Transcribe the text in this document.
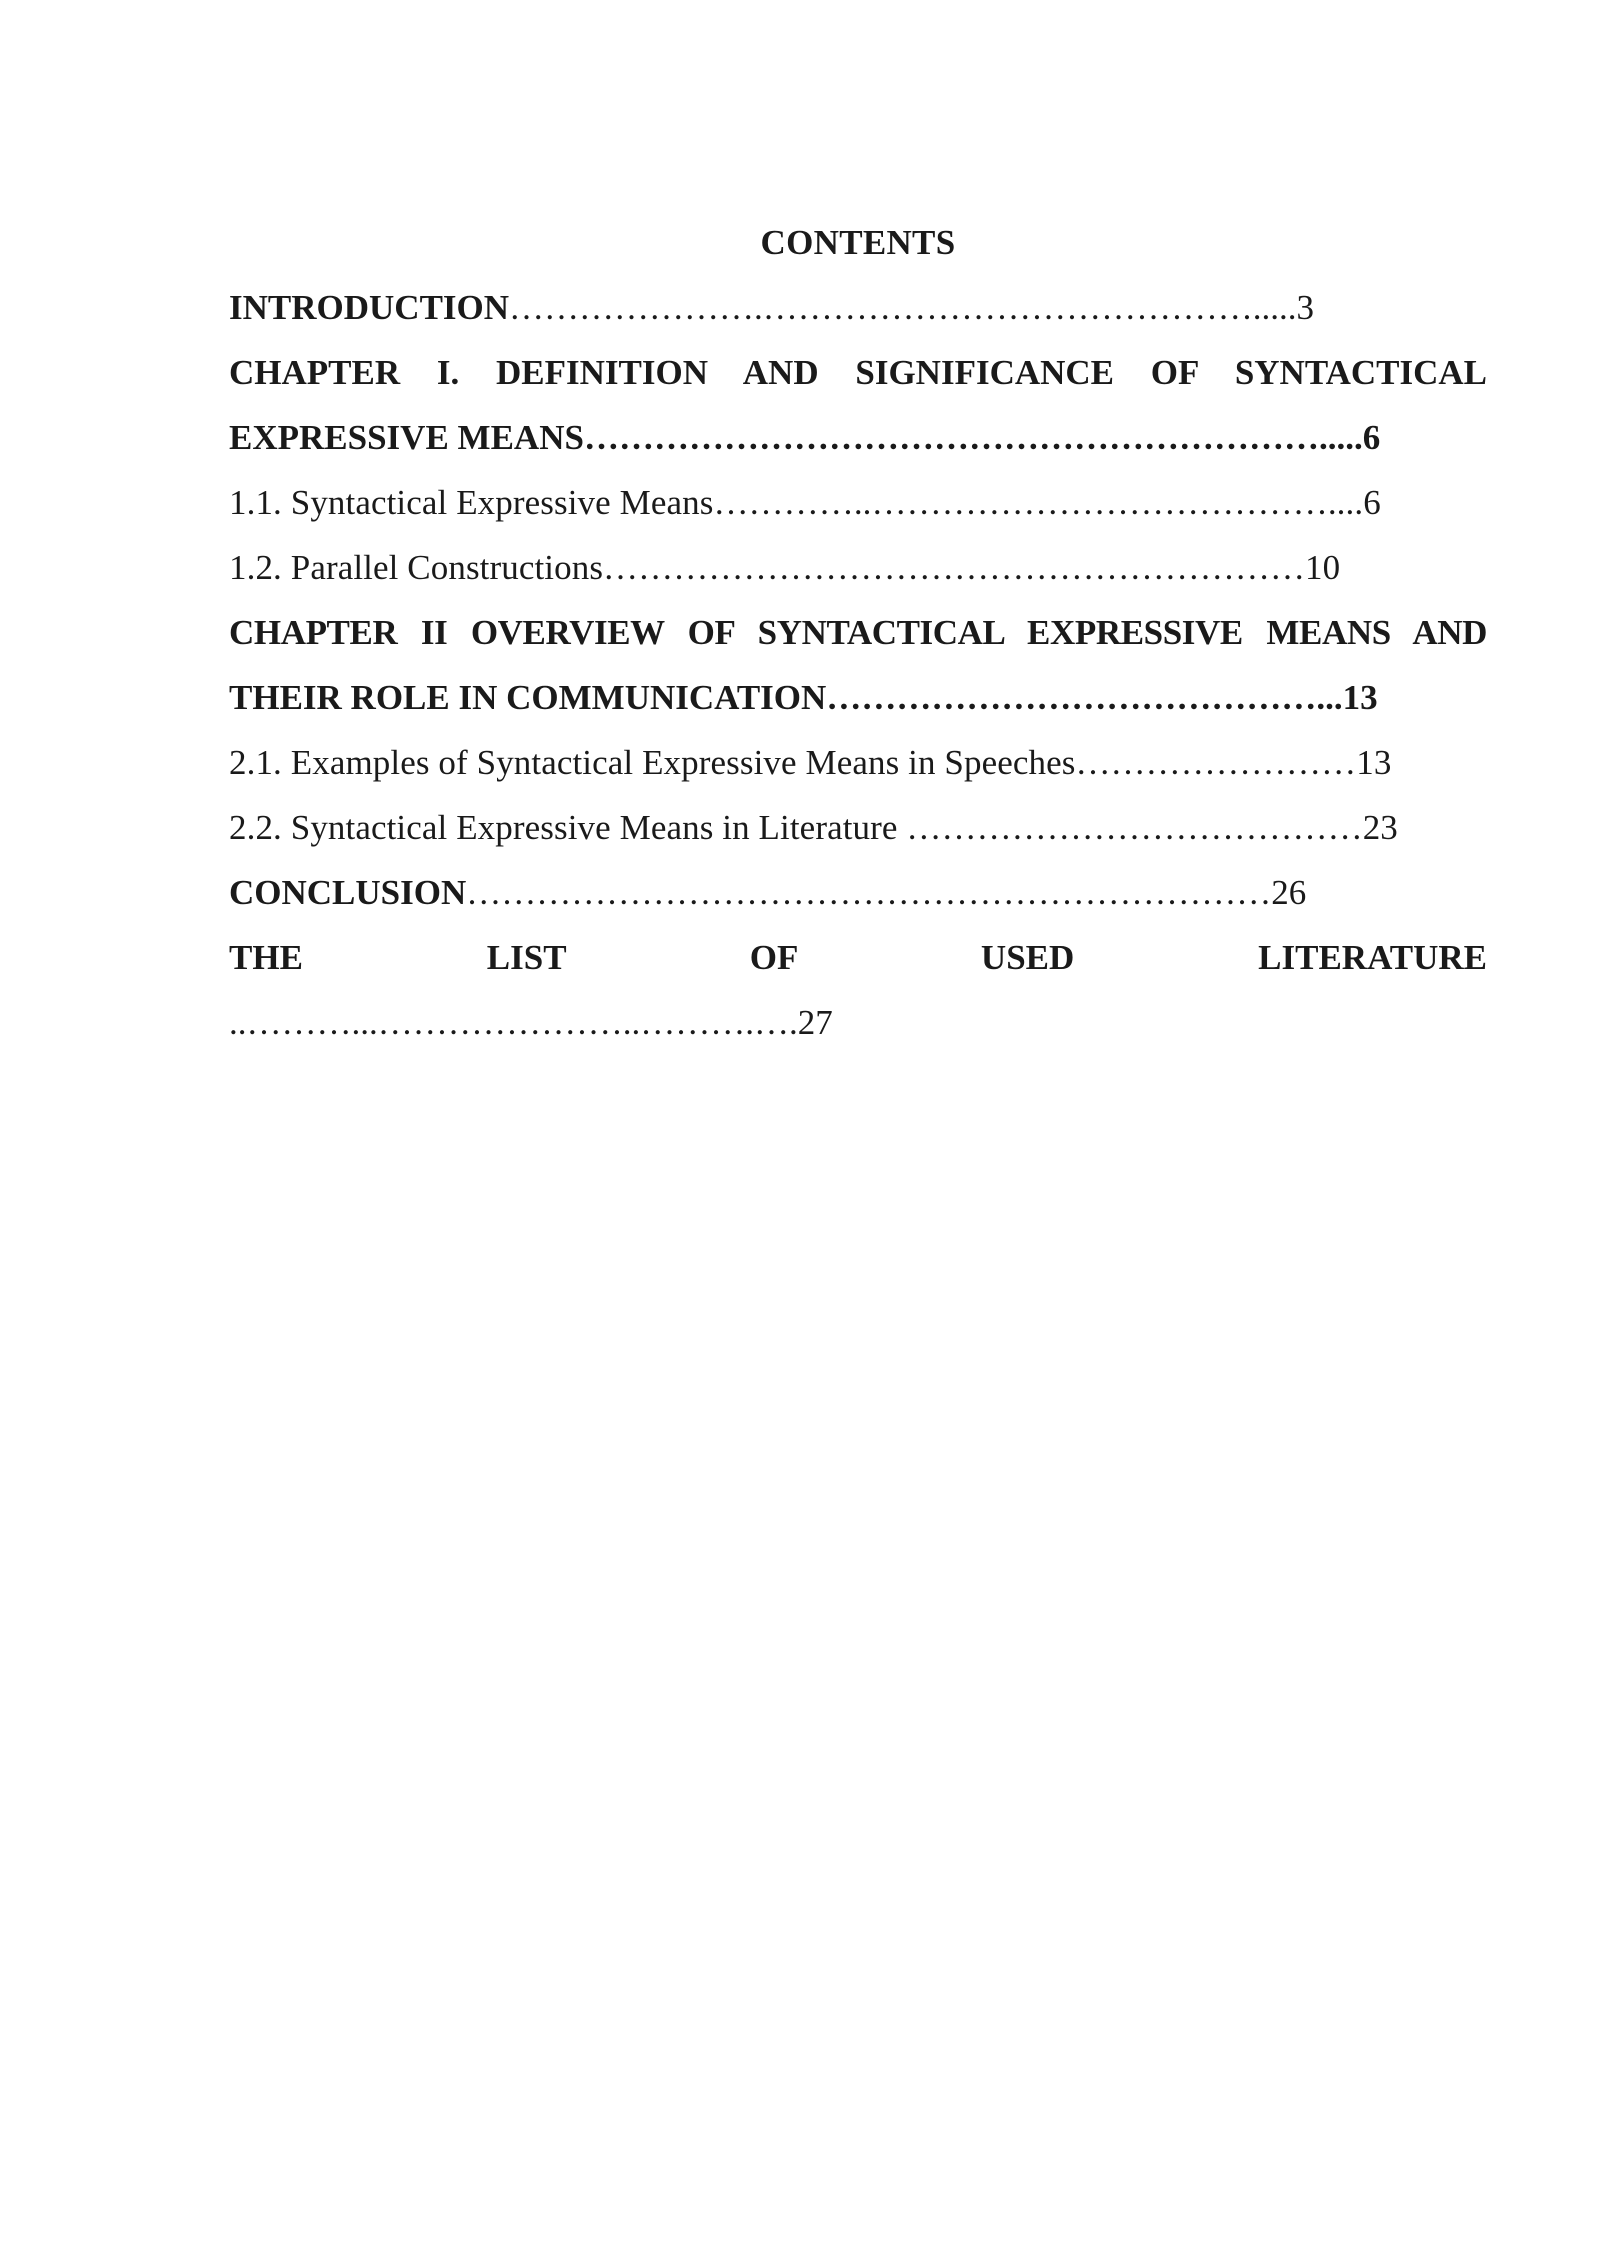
CONTENTS

INTRODUCTION………………….…………………………………….....3

CHAPTER I. DEFINITION AND SIGNIFICANCE OF SYNTACTICAL

EXPRESSIVE MEANS……………………………………………………….....6

1.1. Syntactical Expressive Means…………..…………………………………....6

1.2. Parallel Constructions……………………………………………………10

CHAPTER II OVERVIEW OF SYNTACTICAL EXPRESSIVE MEANS AND

THEIR ROLE IN COMMUNICATION……………………………………...13

2.1. Examples of Syntactical Expressive Means in Speeches……………………13

2.2. Syntactical Expressive Means in Literature …………………………………23

CONCLUSION……………………………………………………………26

THE LIST OF USED LITERATURE

..………...…………………..……….….27
